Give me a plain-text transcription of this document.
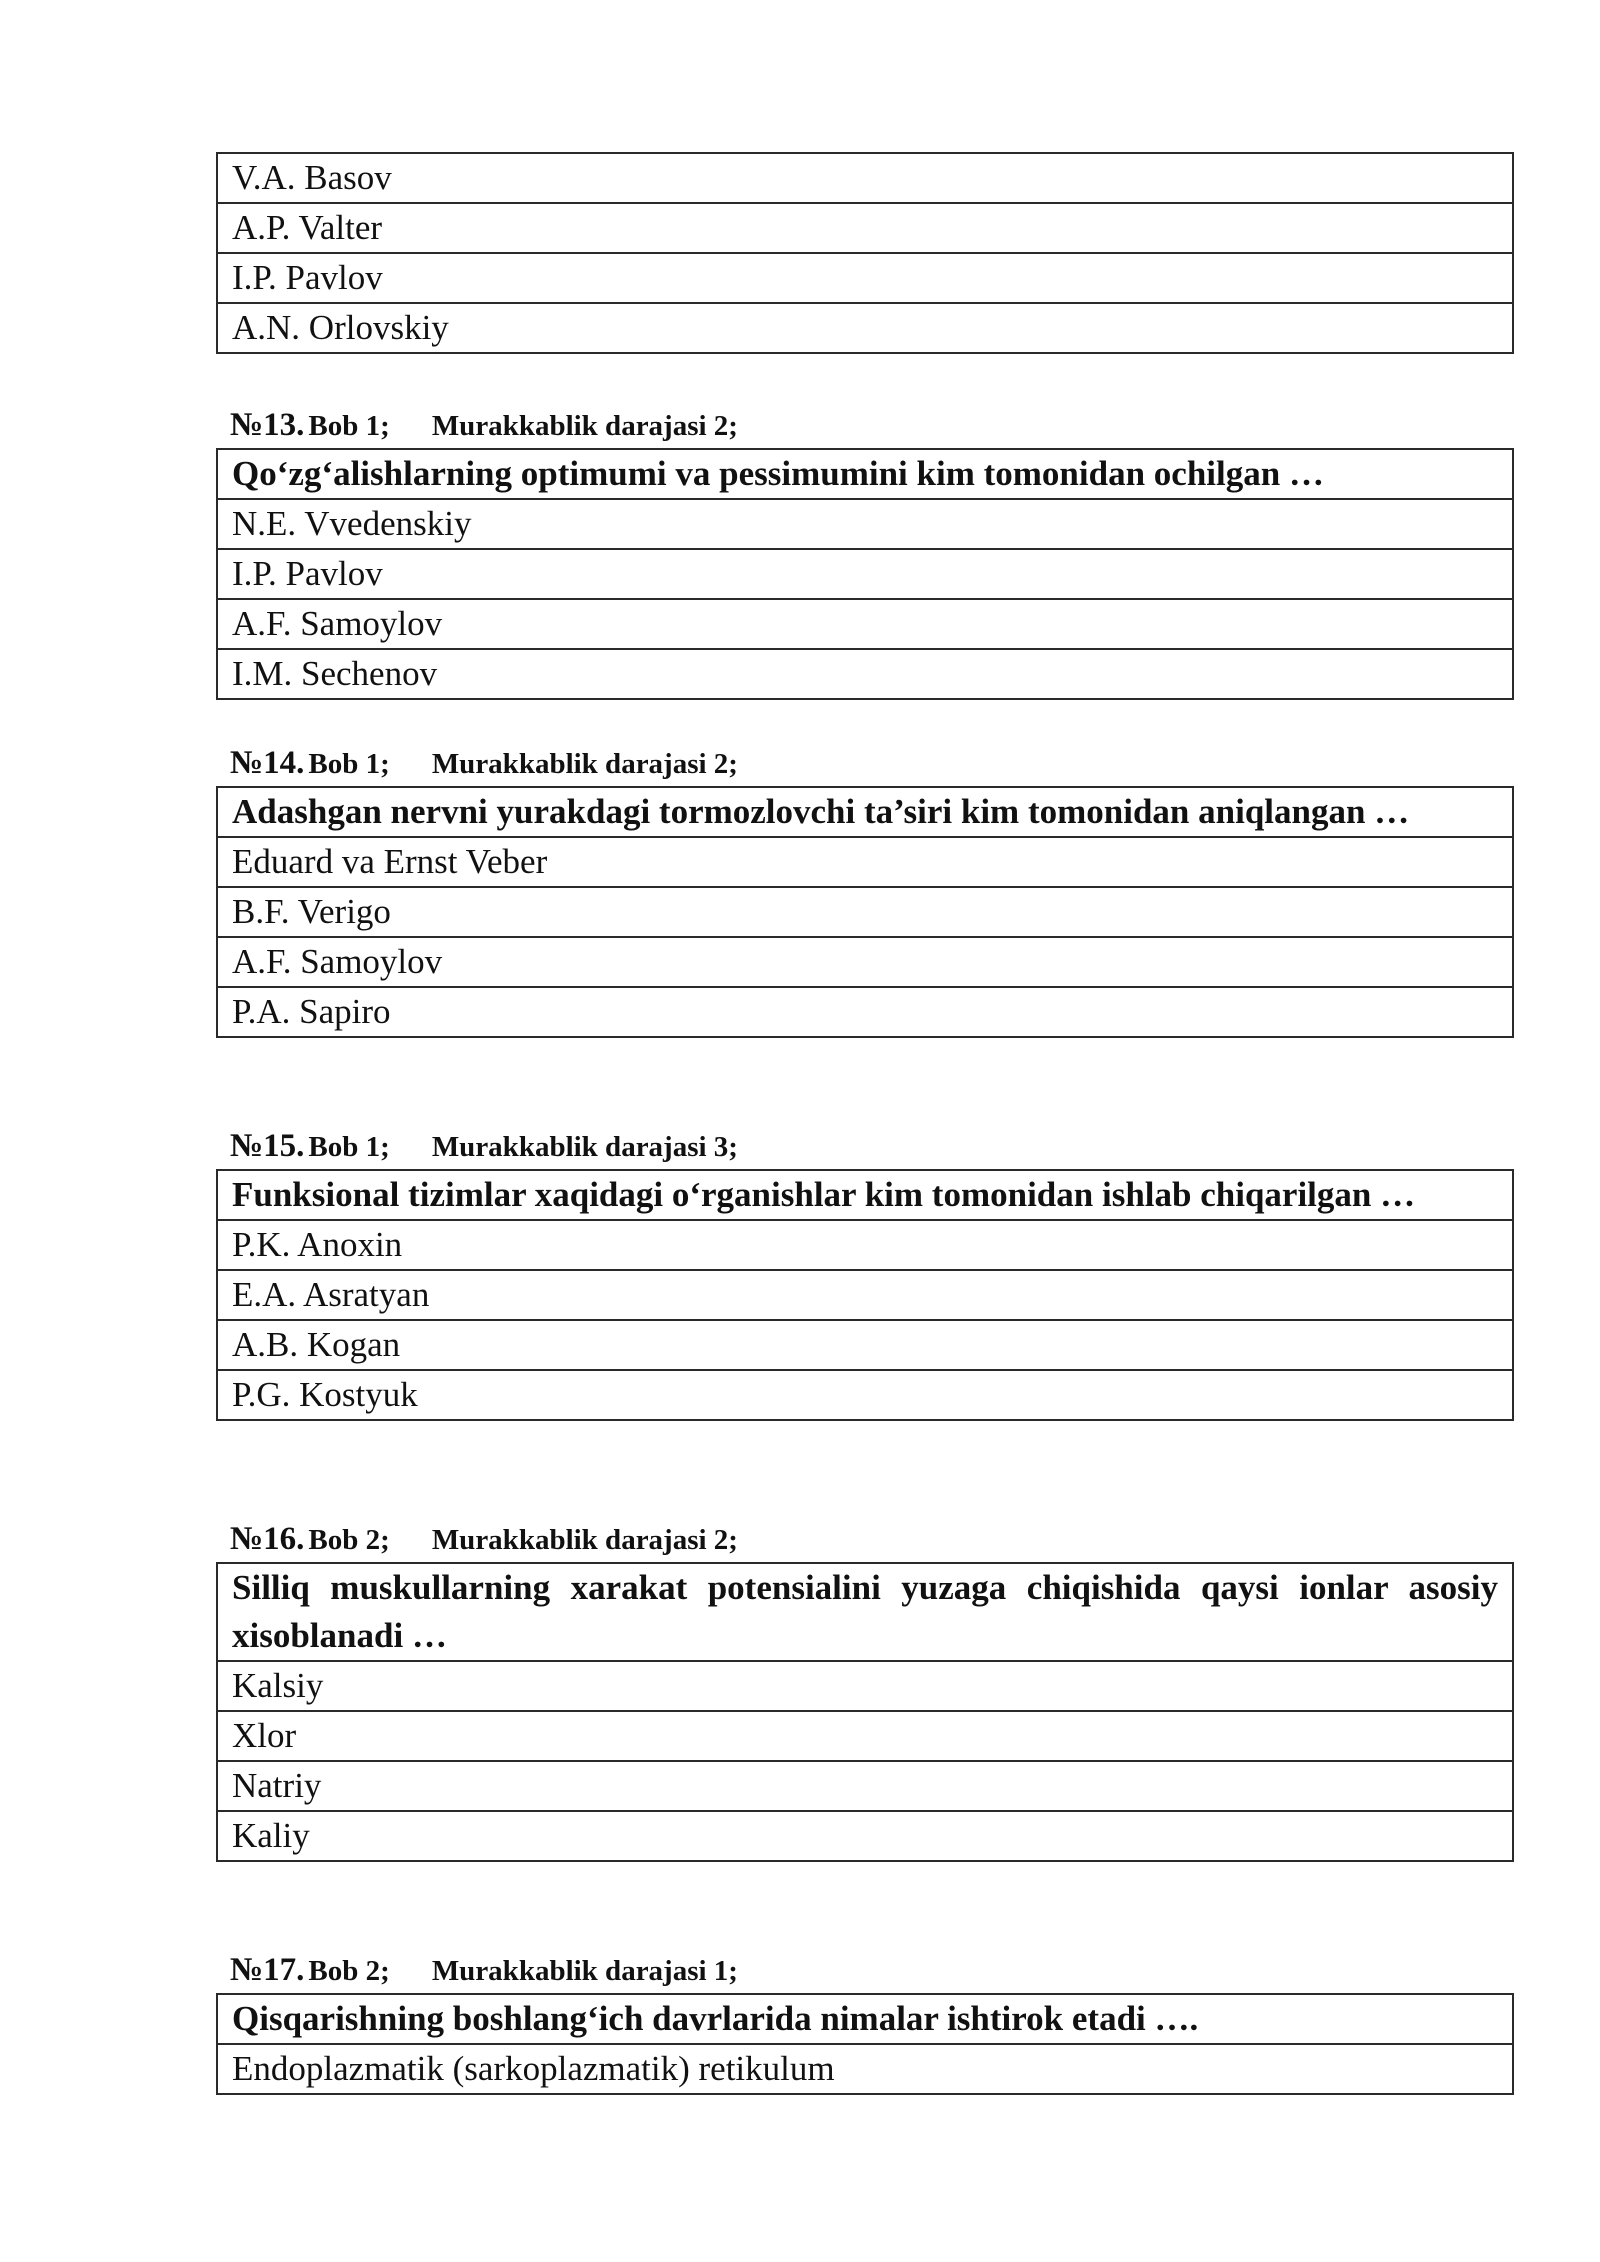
V.A. Basov
A.P. Valter
I.P. Pavlov
A.N. Orlovskiy
№13. Bob 1; Murakkablik darajasi 2;
Qo‘zg‘alishlarning optimumi va pessimumini kim tomonidan ochilgan …
N.E. Vvedenskiy
I.P. Pavlov
A.F. Samoylov
I.M. Sechenov
№14. Bob 1; Murakkablik darajasi 2;
Adashgan nervni yurakdagi tormozlovchi ta’siri kim tomonidan aniqlangan …
Eduard va Ernst Veber
B.F. Verigo
A.F. Samoylov
P.A. Sapiro
№15. Bob 1; Murakkablik darajasi 3;
Funksional tizimlar xaqidagi o‘rganishlar kim tomonidan ishlab chiqarilgan …
P.K. Anoxin
E.A. Asratyan
A.B. Kogan
P.G. Kostyuk
№16. Bob 2; Murakkablik darajasi 2;
Silliq muskullarning xarakat potensialini yuzaga chiqishida qaysi ionlar asosiy xisoblanadi …
Kalsiy
Xlor
Natriy
Kaliy
№17. Bob 2; Murakkablik darajasi 1;
Qisqarishning boshlang‘ich davrlarida nimalar ishtirok etadi ….
Endoplazmatik (sarkoplazmatik) retikulum
